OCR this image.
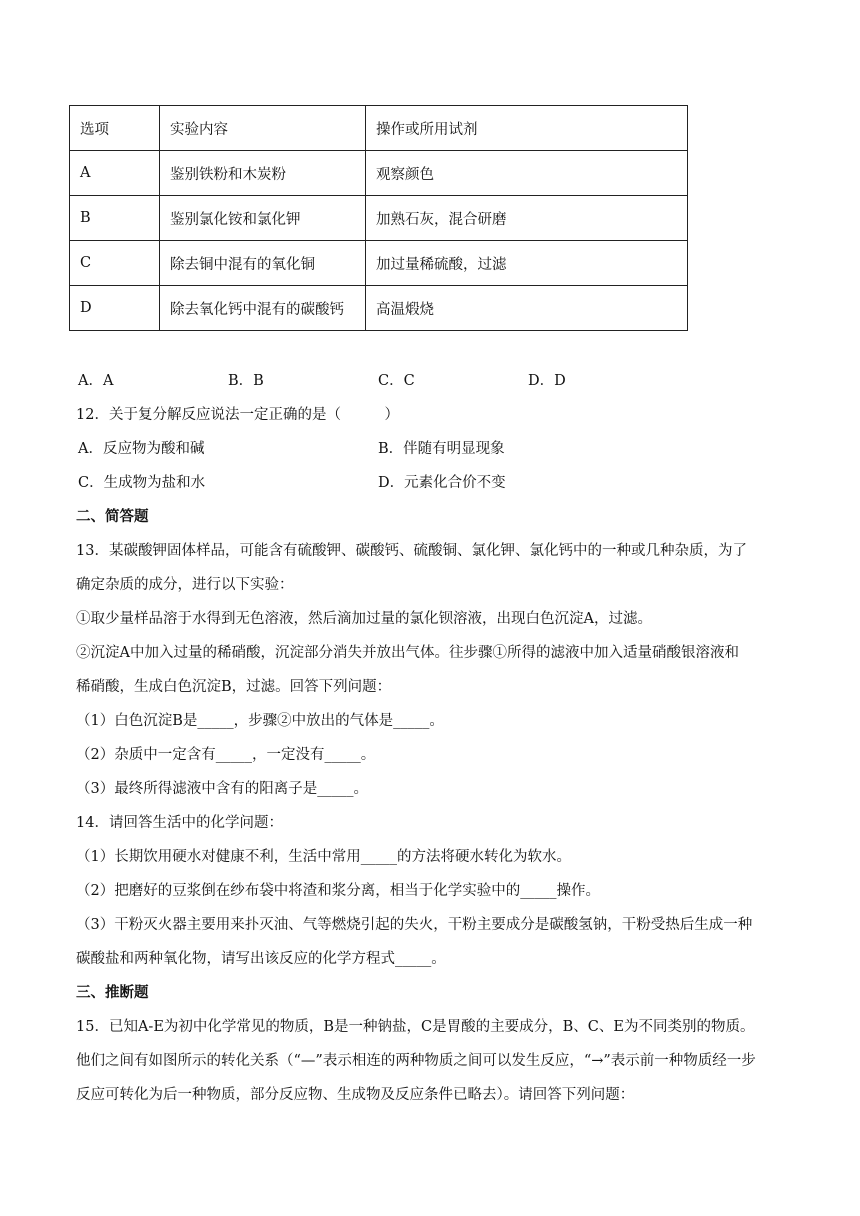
选项	实验内容	操作或所用试剂
A	鉴别铁粉和木炭粉	观察颜色
B	鉴别氯化铵和氯化钾	加熟石灰，混合研磨
C	除去铜中混有的氧化铜	加过量稀硫酸，过滤
D	除去氧化钙中混有的碳酸钙	高温煅烧
A．A	B．B	C．C	D．D
12．关于复分解反应说法一定正确的是（　　　）
A．反应物为酸和碱	B．伴随有明显现象
C．生成物为盐和水	D．元素化合价不变
二、简答题
13．某碳酸钾固体样品，可能含有硫酸钾、碳酸钙、硫酸铜、氯化钾、氯化钙中的一种或几种杂质，为了
确定杂质的成分，进行以下实验：
①取少量样品溶于水得到无色溶液，然后滴加过量的氯化钡溶液，出现白色沉淀A，过滤。
②沉淀A中加入过量的稀硝酸，沉淀部分消失并放出气体。往步骤①所得的滤液中加入适量硝酸银溶液和
稀硝酸，生成白色沉淀B，过滤。回答下列问题：
（1）白色沉淀B是_____，步骤②中放出的气体是_____。
（2）杂质中一定含有_____，一定没有_____。
（3）最终所得滤液中含有的阳离子是_____。
14．请回答生活中的化学问题：
（1）长期饮用硬水对健康不利，生活中常用_____的方法将硬水转化为软水。
（2）把磨好的豆浆倒在纱布袋中将渣和浆分离，相当于化学实验中的_____操作。
（3）干粉灭火器主要用来扑灭油、气等燃烧引起的失火，干粉主要成分是碳酸氢钠，干粉受热后生成一种
碳酸盐和两种氧化物，请写出该反应的化学方程式_____。
三、推断题
15．已知A-E为初中化学常见的物质，B是一种钠盐，C是胃酸的主要成分，B、C、E为不同类别的物质。
他们之间有如图所示的转化关系（“—”表示相连的两种物质之间可以发生反应，“→”表示前一种物质经一步
反应可转化为后一种物质，部分反应物、生成物及反应条件已略去）。请回答下列问题：
